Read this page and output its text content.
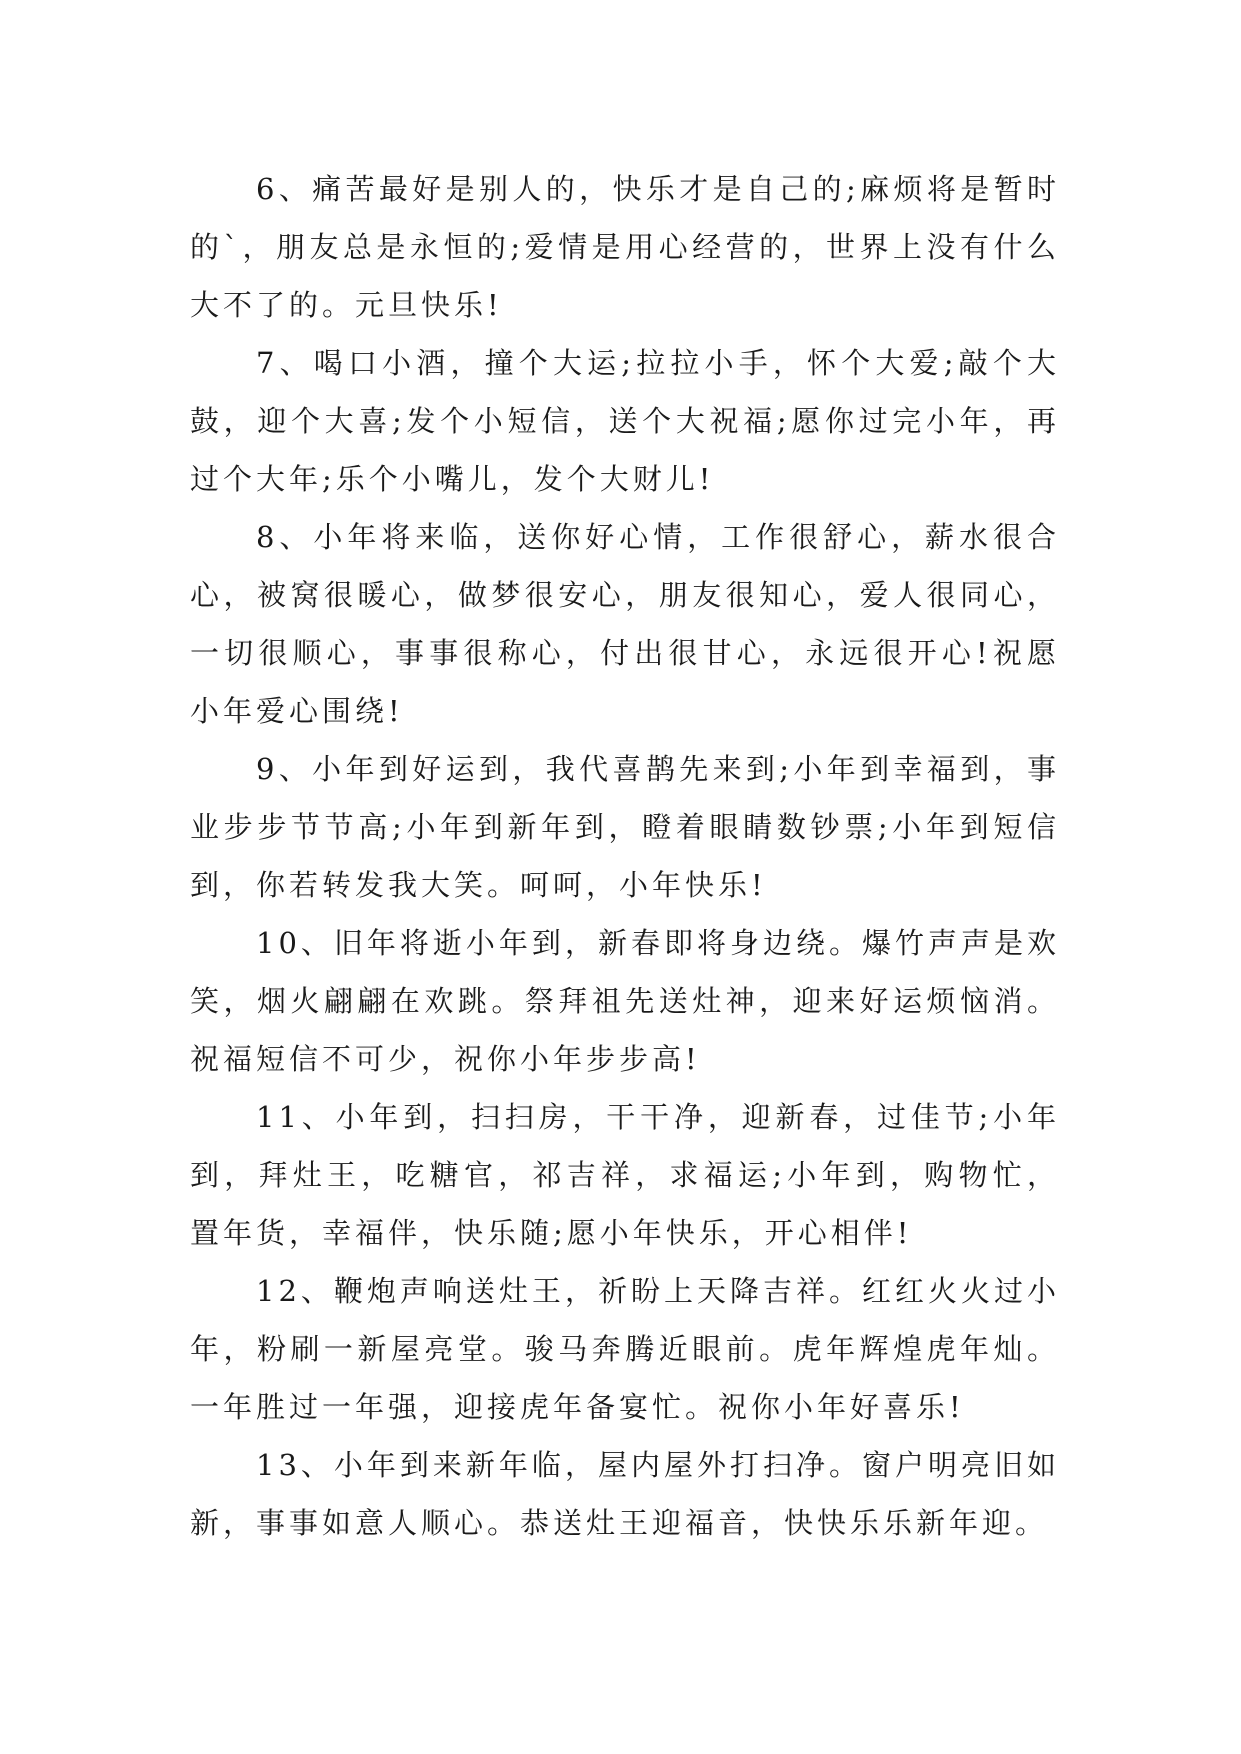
6、痛苦最好是别人的，快乐才是自己的;麻烦将是暂时的`，朋友总是永恒的;爱情是用心经营的，世界上没有什么大不了的。元旦快乐!

7、喝口小酒，撞个大运;拉拉小手，怀个大爱;敲个大鼓，迎个大喜;发个小短信，送个大祝福;愿你过完小年，再过个大年;乐个小嘴儿，发个大财儿!

8、小年将来临，送你好心情，工作很舒心，薪水很合心，被窝很暖心，做梦很安心，朋友很知心，爱人很同心，一切很顺心，事事很称心，付出很甘心，永远很开心!祝愿小年爱心围绕!

9、小年到好运到，我代喜鹊先来到;小年到幸福到，事业步步节节高;小年到新年到，瞪着眼睛数钞票;小年到短信到，你若转发我大笑。呵呵，小年快乐!

10、旧年将逝小年到，新春即将身边绕。爆竹声声是欢笑，烟火翩翩在欢跳。祭拜祖先送灶神，迎来好运烦恼消。祝福短信不可少，祝你小年步步高!

11、小年到，扫扫房，干干净，迎新春，过佳节;小年到，拜灶王，吃糖官，祁吉祥，求福运;小年到，购物忙，置年货，幸福伴，快乐随;愿小年快乐，开心相伴!

12、鞭炮声响送灶王，祈盼上天降吉祥。红红火火过小年，粉刷一新屋亮堂。骏马奔腾近眼前。虎年辉煌虎年灿。一年胜过一年强，迎接虎年备宴忙。祝你小年好喜乐!

13、小年到来新年临，屋内屋外打扫净。窗户明亮旧如新，事事如意人顺心。恭送灶王迎福音，快快乐乐新年迎。
